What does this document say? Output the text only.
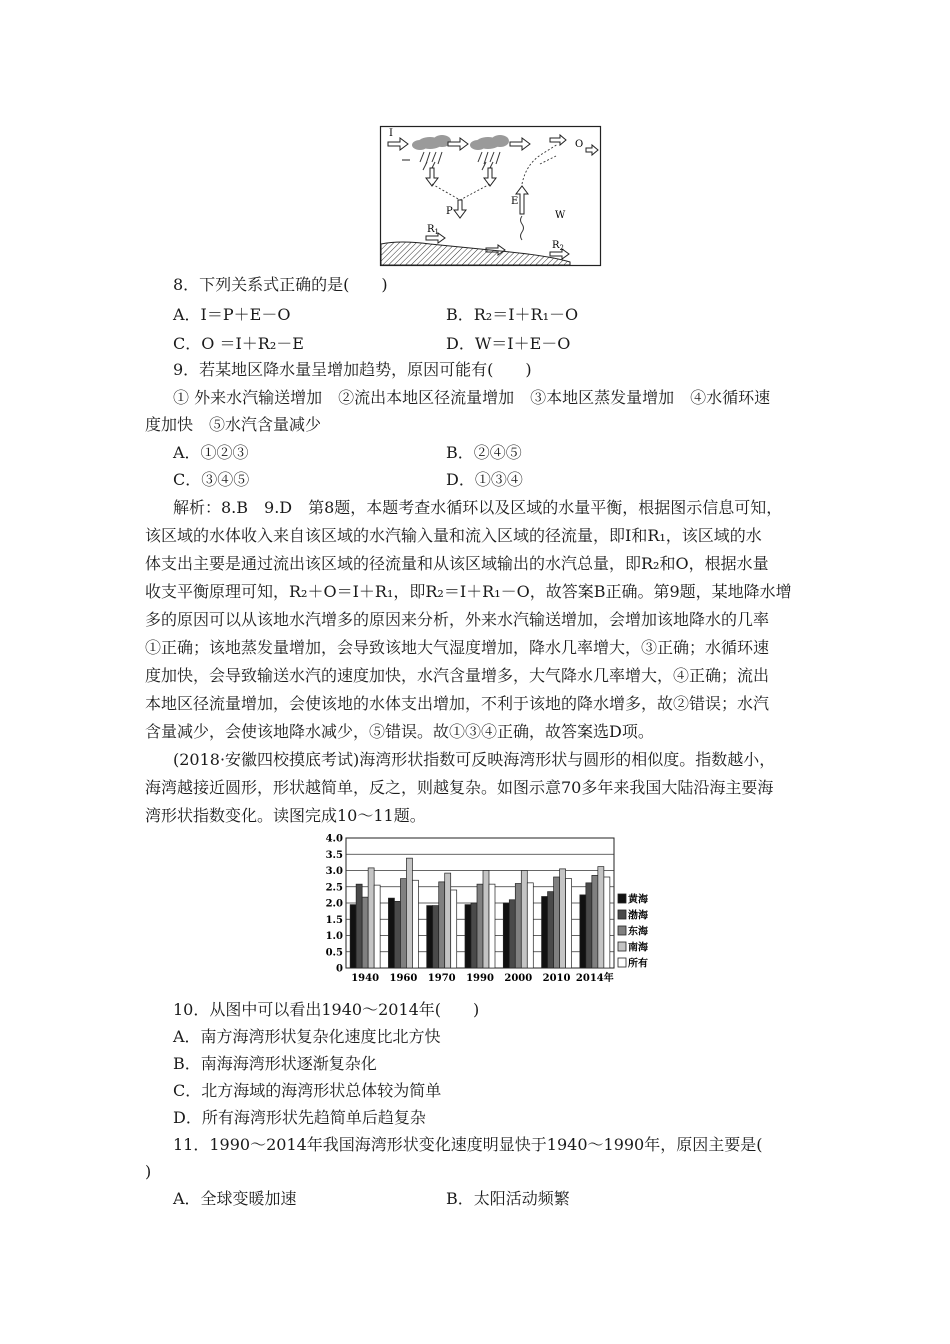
I
O
P
E
W
$R_1$
$R_2$
8．下列关系式正确的是(　　)
A．I＝P＋E－O	B．R₂＝I＋R₁－O
C．O ＝I＋R₂－E	D．W＝I＋E－O
9．若某地区降水量呈增加趋势，原因可能有(　　)
① 外来水汽输送增加　②流出本地区径流量增加　③本地区蒸发量增加　④水循环速
度加快　⑤水汽含量减少
A．①②③	B．②④⑤
C．③④⑤	D．①③④
解析：8.B　9.D　第8题，本题考查水循环以及区域的水量平衡，根据图示信息可知，
该区域的水体收入来自该区域的水汽输入量和流入区域的径流量，即Ⅰ和R₁，该区域的水
体支出主要是通过流出该区域的径流量和从该区域输出的水汽总量，即R₂和O，根据水量
收支平衡原理可知，R₂＋O＝I＋R₁，即R₂＝I＋R₁－O，故答案B正确。第9题，某地降水增
多的原因可以从该地水汽增多的原因来分析，外来水汽输送增加，会增加该地降水的几率
①正确；该地蒸发量增加，会导致该地大气湿度增加，降水几率增大，③正确；水循环速
度加快，会导致输送水汽的速度加快，水汽含量增多，大气降水几率增大，④正确；流出
本地区径流量增加，会使该地的水体支出增加，不利于该地的降水增多，故②错误；水汽
含量减少，会使该地降水减少，⑤错误。故①③④正确，故答案选D项。
(2018·安徽四校摸底考试)海湾形状指数可反映海湾形状与圆形的相似度。指数越小，
海湾越接近圆形，形状越简单，反之，则越复杂。如图示意70多年来我国大陆沿海主要海
湾形状指数变化。读图完成10～11题。
4.0
3.5
3.0
2.5
2.0
1.5
1.0
0.5
0
1940 1960 1970 1990 2000 2010 2014年
黄海
渤海
东海
南海
所有
10．从图中可以看出1940～2014年(　　)
A．南方海湾形状复杂化速度比北方快
B．南海海湾形状逐渐复杂化
C．北方海域的海湾形状总体较为简单
D．所有海湾形状先趋简单后趋复杂
11．1990～2014年我国海湾形状变化速度明显快于1940～1990年，原因主要是(
)
A．全球变暖加速	B．太阳活动频繁
